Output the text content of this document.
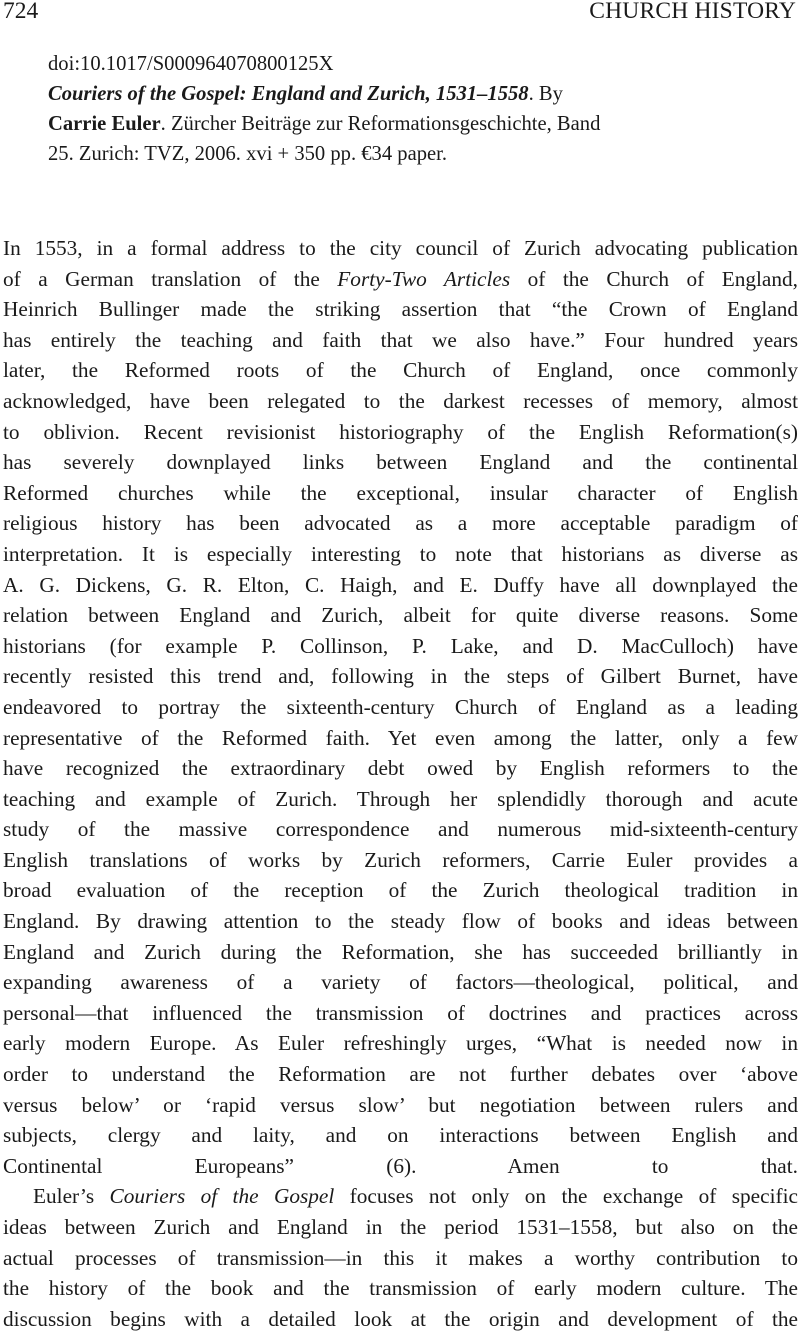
724	CHURCH HISTORY
doi:10.1017/S000964070800125X
Couriers of the Gospel: England and Zurich, 1531–1558. By
Carrie Euler. Zürcher Beiträge zur Reformationsgeschichte, Band
25. Zurich: TVZ, 2006. xvi + 350 pp. €34 paper.
In 1553, in a formal address to the city council of Zurich advocating publication
of a German translation of the Forty-Two Articles of the Church of England,
Heinrich Bullinger made the striking assertion that “the Crown of England
has entirely the teaching and faith that we also have.” Four hundred years
later, the Reformed roots of the Church of England, once commonly
acknowledged, have been relegated to the darkest recesses of memory, almost
to oblivion. Recent revisionist historiography of the English Reformation(s)
has severely downplayed links between England and the continental
Reformed churches while the exceptional, insular character of English
religious history has been advocated as a more acceptable paradigm of
interpretation. It is especially interesting to note that historians as diverse as
A. G. Dickens, G. R. Elton, C. Haigh, and E. Duffy have all downplayed the
relation between England and Zurich, albeit for quite diverse reasons. Some
historians (for example P. Collinson, P. Lake, and D. MacCulloch) have
recently resisted this trend and, following in the steps of Gilbert Burnet, have
endeavored to portray the sixteenth-century Church of England as a leading
representative of the Reformed faith. Yet even among the latter, only a few
have recognized the extraordinary debt owed by English reformers to the
teaching and example of Zurich. Through her splendidly thorough and acute
study of the massive correspondence and numerous mid-sixteenth-century
English translations of works by Zurich reformers, Carrie Euler provides a
broad evaluation of the reception of the Zurich theological tradition in
England. By drawing attention to the steady flow of books and ideas between
England and Zurich during the Reformation, she has succeeded brilliantly in
expanding awareness of a variety of factors—theological, political, and
personal—that influenced the transmission of doctrines and practices across
early modern Europe. As Euler refreshingly urges, “What is needed now in
order to understand the Reformation are not further debates over ‘above
versus below’ or ‘rapid versus slow’ but negotiation between rulers and
subjects, clergy and laity, and on interactions between English and
Continental Europeans” (6). Amen to that.
Euler’s Couriers of the Gospel focuses not only on the exchange of specific
ideas between Zurich and England in the period 1531–1558, but also on the
actual processes of transmission—in this it makes a worthy contribution to
the history of the book and the transmission of early modern culture. The
discussion begins with a detailed look at the origin and development of the
